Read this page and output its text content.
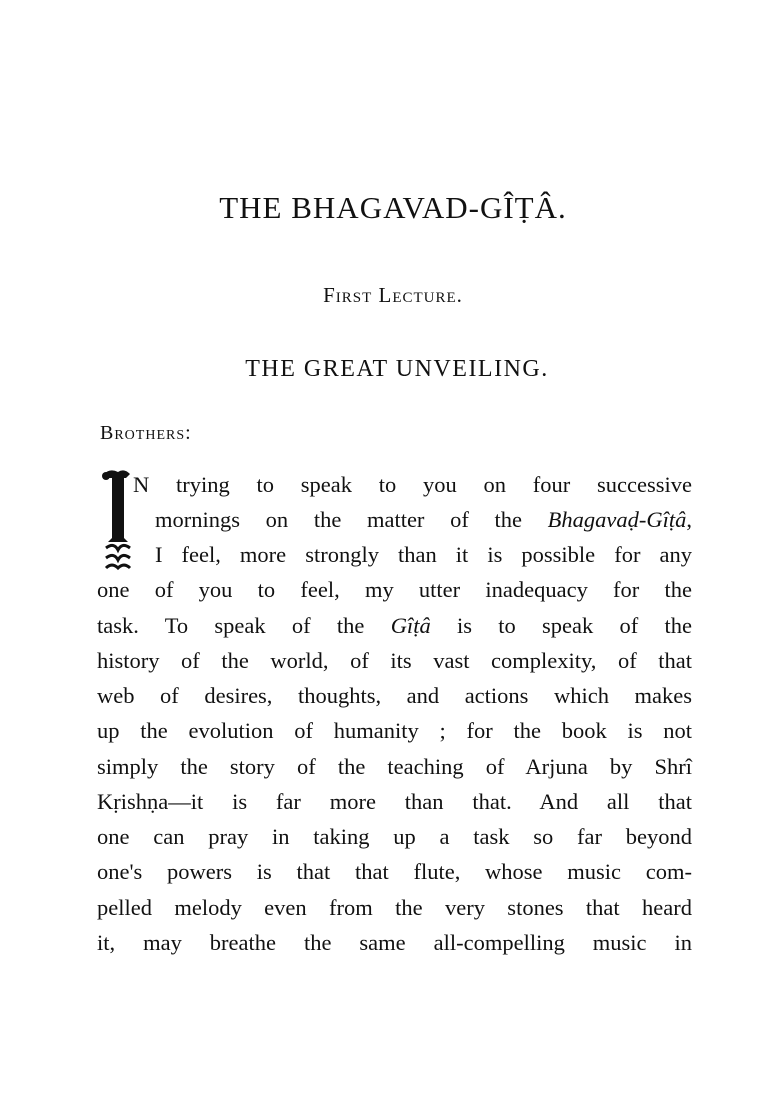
THE BHAGAVAD-GÎṬÂ.
First Lecture.
THE GREAT UNVEILING.
Brothers:
I
N trying to speak to you on four successive
mornings on the matter of the Bhagavaḍ-Gîṭâ,
I feel, more strongly than it is possible for any
one of you to feel, my utter inadequacy for the
task. To speak of the Gîṭâ is to speak of the
history of the world, of its vast complexity, of that
web of desires, thoughts, and actions which makes
up the evolution of humanity ; for the book is not
simply the story of the teaching of Arjuna by Shrî
Kṛishṇa—it is far more than that. And all that
one can pray in taking up a task so far beyond
one's powers is that that flute, whose music com-
pelled melody even from the very stones that heard
it, may breathe the same all-compelling music in
